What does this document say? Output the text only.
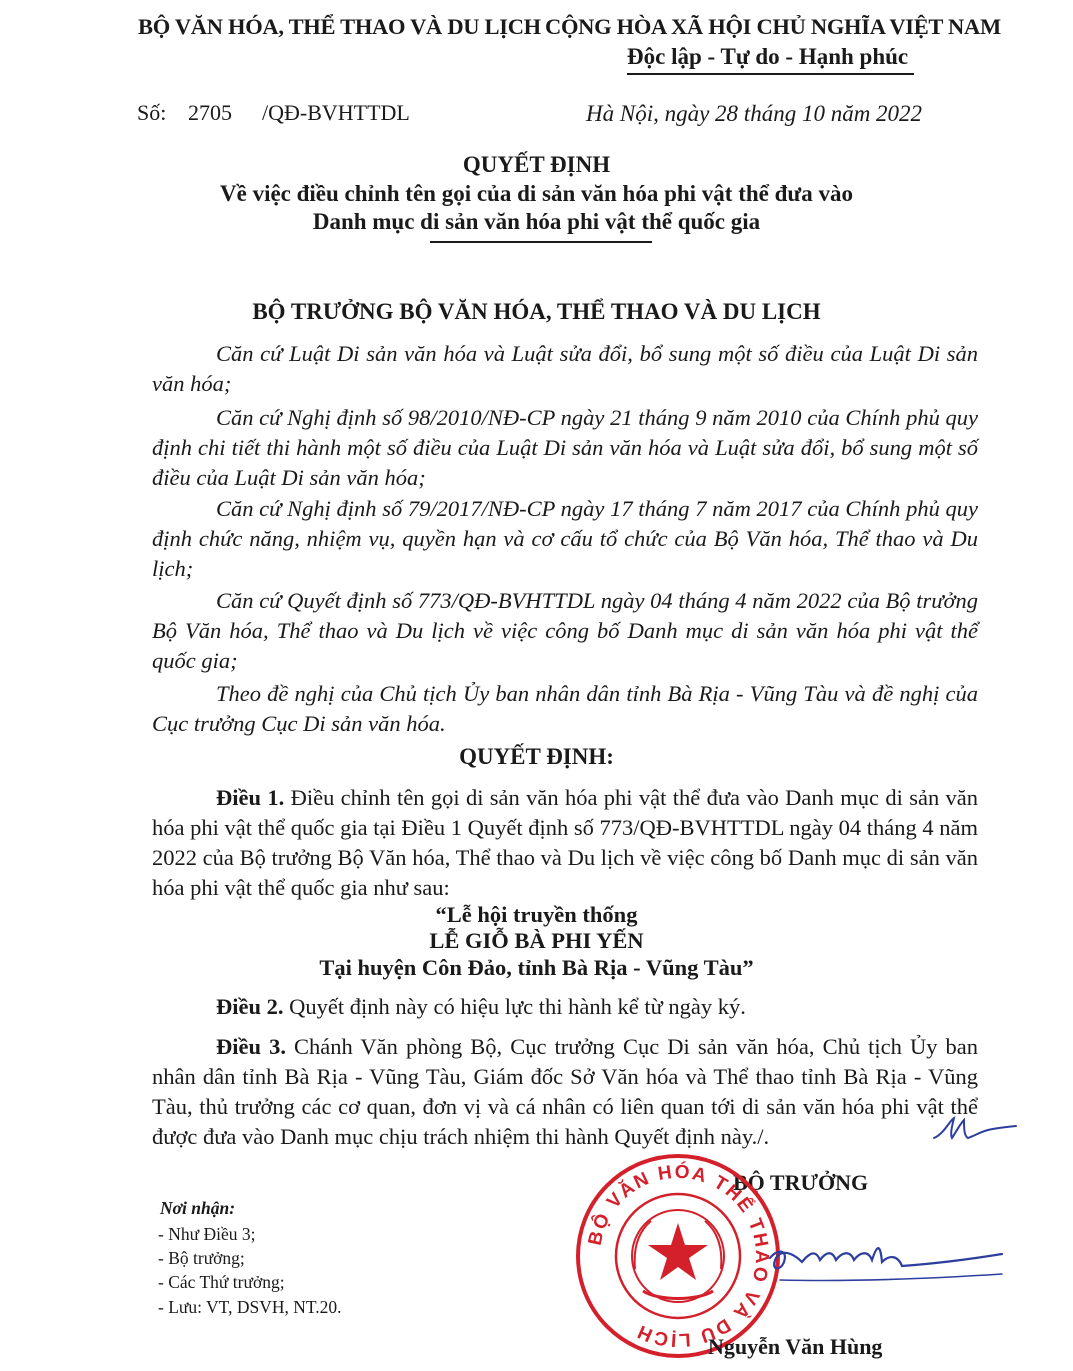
BỘ VĂN HÓA, THỂ THAO VÀ DU LỊCH CỘNG HÒA XÃ HỘI CHỦ NGHĨA VIỆT NAM
Độc lập - Tự do - Hạnh phúc
Số: 2705 /QĐ-BVHTTDL	Hà Nội, ngày 28 tháng 10 năm 2022
QUYẾT ĐỊNH
Về việc điều chỉnh tên gọi của di sản văn hóa phi vật thể đưa vào
Danh mục di sản văn hóa phi vật thể quốc gia
BỘ TRƯỞNG BỘ VĂN HÓA, THỂ THAO VÀ DU LỊCH
Căn cứ Luật Di sản văn hóa và Luật sửa đổi, bổ sung một số điều của Luật Di sản văn hóa;
Căn cứ Nghị định số 98/2010/NĐ-CP ngày 21 tháng 9 năm 2010 của Chính phủ quy định chi tiết thi hành một số điều của Luật Di sản văn hóa và Luật sửa đổi, bổ sung một số điều của Luật Di sản văn hóa;
Căn cứ Nghị định số 79/2017/NĐ-CP ngày 17 tháng 7 năm 2017 của Chính phủ quy định chức năng, nhiệm vụ, quyền hạn và cơ cấu tổ chức của Bộ Văn hóa, Thể thao và Du lịch;
Căn cứ Quyết định số 773/QĐ-BVHTTDL ngày 04 tháng 4 năm 2022 của Bộ trưởng Bộ Văn hóa, Thể thao và Du lịch về việc công bố Danh mục di sản văn hóa phi vật thể quốc gia;
Theo đề nghị của Chủ tịch Ủy ban nhân dân tỉnh Bà Rịa - Vũng Tàu và đề nghị của Cục trưởng Cục Di sản văn hóa.
QUYẾT ĐỊNH:
Điều 1. Điều chỉnh tên gọi di sản văn hóa phi vật thể đưa vào Danh mục di sản văn hóa phi vật thể quốc gia tại Điều 1 Quyết định số 773/QĐ-BVHTTDL ngày 04 tháng 4 năm 2022 của Bộ trưởng Bộ Văn hóa, Thể thao và Du lịch về việc công bố Danh mục di sản văn hóa phi vật thể quốc gia như sau:
“Lễ hội truyền thống
LỄ GIỖ BÀ PHI YẾN
Tại huyện Côn Đảo, tỉnh Bà Rịa - Vũng Tàu”
Điều 2. Quyết định này có hiệu lực thi hành kể từ ngày ký.
Điều 3. Chánh Văn phòng Bộ, Cục trưởng Cục Di sản văn hóa, Chủ tịch Ủy ban nhân dân tỉnh Bà Rịa - Vũng Tàu, Giám đốc Sở Văn hóa và Thể thao tỉnh Bà Rịa - Vũng Tàu, thủ trưởng các cơ quan, đơn vị và cá nhân có liên quan tới di sản văn hóa phi vật thể được đưa vào Danh mục chịu trách nhiệm thi hành Quyết định này./.
Nơi nhận:
- Như Điều 3;
- Bộ trưởng;
- Các Thứ trưởng;
- Lưu: VT, DSVH, NT.20.
BỘ TRƯỞNG
BỘ VĂN HÓA THỂ THAO VÀ DU LỊCH
Nguyễn Văn Hùng
